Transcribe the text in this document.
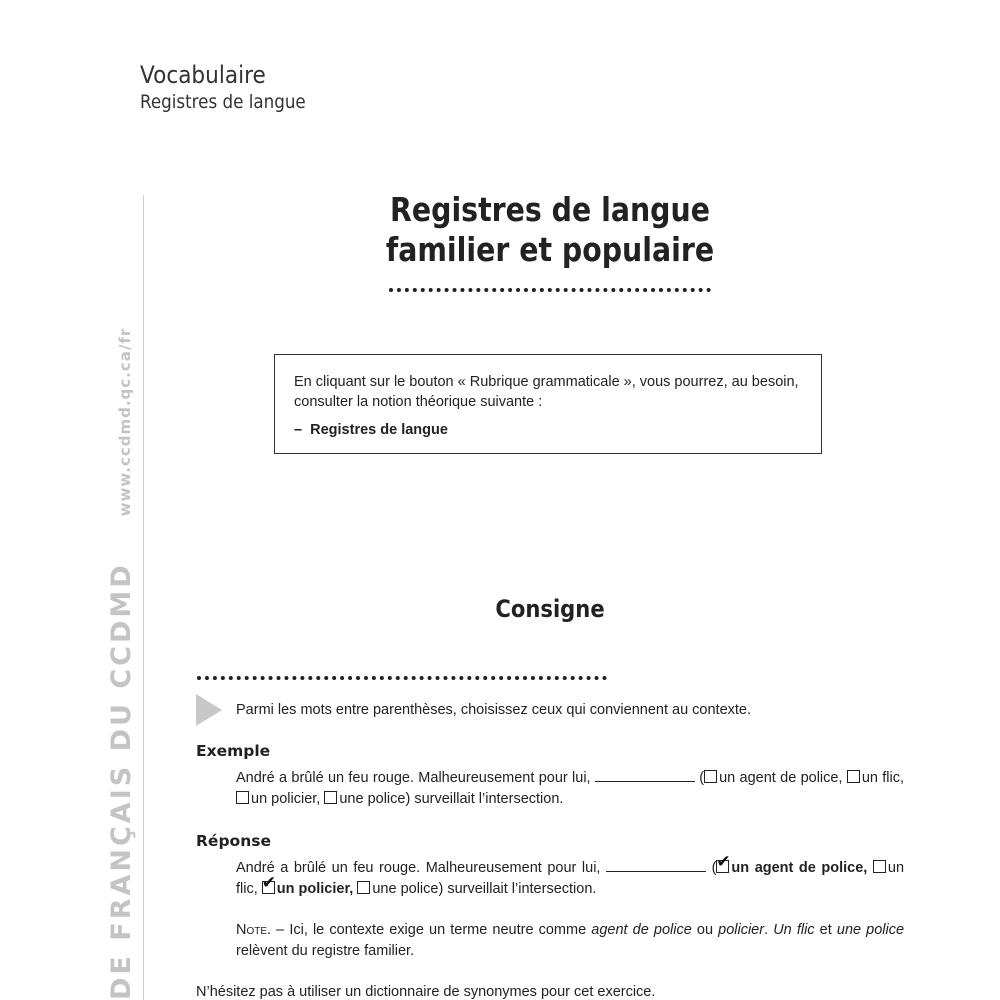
Vocabulaire
Registres de langue
DE FRANÇAIS DU CCDMDwww.ccdmd.qc.ca/fr
Registres de langue
familier et populaire
En cliquant sur le bouton « Rubrique grammaticale », vous pourrez, au besoin, consulter la notion théorique suivante :
– Registres de langue
Consigne
Parmi les mots entre parenthèses, choisissez ceux qui conviennent au contexte.
Exemple
André a brûlé un feu rouge. Malheureusement pour lui,	( un agent de police, un flic, un policier, une police) surveillait l’intersection.
Réponse
André a brûlé un feu rouge. Malheureusement pour lui,	( ✔ un agent de police, un flic, ✔ un policier, une police) surveillait l’intersection.
Note. – Ici, le contexte exige un terme neutre comme agent de police ou policier. Un flic et une police relèvent du registre familier.
N’hésitez pas à utiliser un dictionnaire de synonymes pour cet exercice.
